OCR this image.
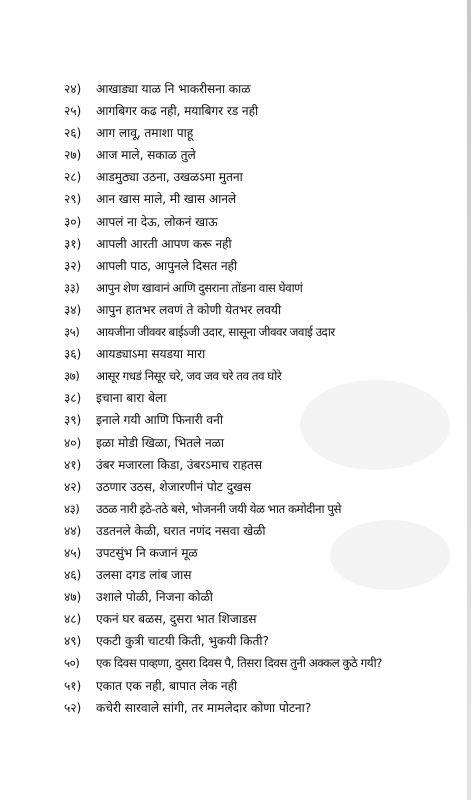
२४) आखाड्या याळ नि भाकरीसना काळ
२५) आगबिगर कढ नही, मयाबिगर रड नही
२६) आग लावू, तमाशा पाहू
२७) आज माले, सकाळ तुले
२८) आडमुठ्या उठना, उखळऽमा मुतना
२९) आन खास माले, मी खास आनले
३०) आपलं ना देऊ, लोकनं खाऊ
३१) आपली आरती आपण करू नही
३२) आपली पाठ, आपुनले दिसत नही
३३) आपुन शेण खावानं आणि दुसराना तोंडना वास घेवाणं
३४) आपुन हातभर लवणं ते कोणी येतभर लवयी
३५) आयजीना जीववर बाईऽजी उदार, सासूना जीववर जवाई उदार
३६) आयड्याऽमा सयडया मारा
३७) आसूर गधडं निसूर चरे, जव जव चरे तव तव घोरे
३८) इचाना बारा बेला
३९) इनाले गयी आणि फिनारी वनी
४०) इळा मोडी खिळा, भितले नळा
४१) उंबर मजारला किडा, उंबरऽमाच राहतस
४२) उठणार उठस, शेजारणीनं पोट दुखस
४३) उठळ नारी इठे-तठे बसे, भोजननी जयी येळ भात कमोदीना पुसे
४४) उडतनले केळी, घरात नणंद नसवा खेळी
४५) उपटसुंभ नि कजानं मूळ
४६) उलसा दगड लांब जास
४७) उशाले पोळी, निजना कोळी
४८) एकनं घर बळस, दुसरा भात शिजाडस
४९) एकटी कुत्री चाटयी किती, भुकयी किती?
५०) एक दिवस पाव्हणा, दुसरा दिवस पै, तिसरा दिवस तुनी अक्कल कुठे गयी?
५१) एकात एक नही, बापात लेक नही
५२) कचेरी सारवाले सांगी, तर मामलेदार कोणा पोटना?
